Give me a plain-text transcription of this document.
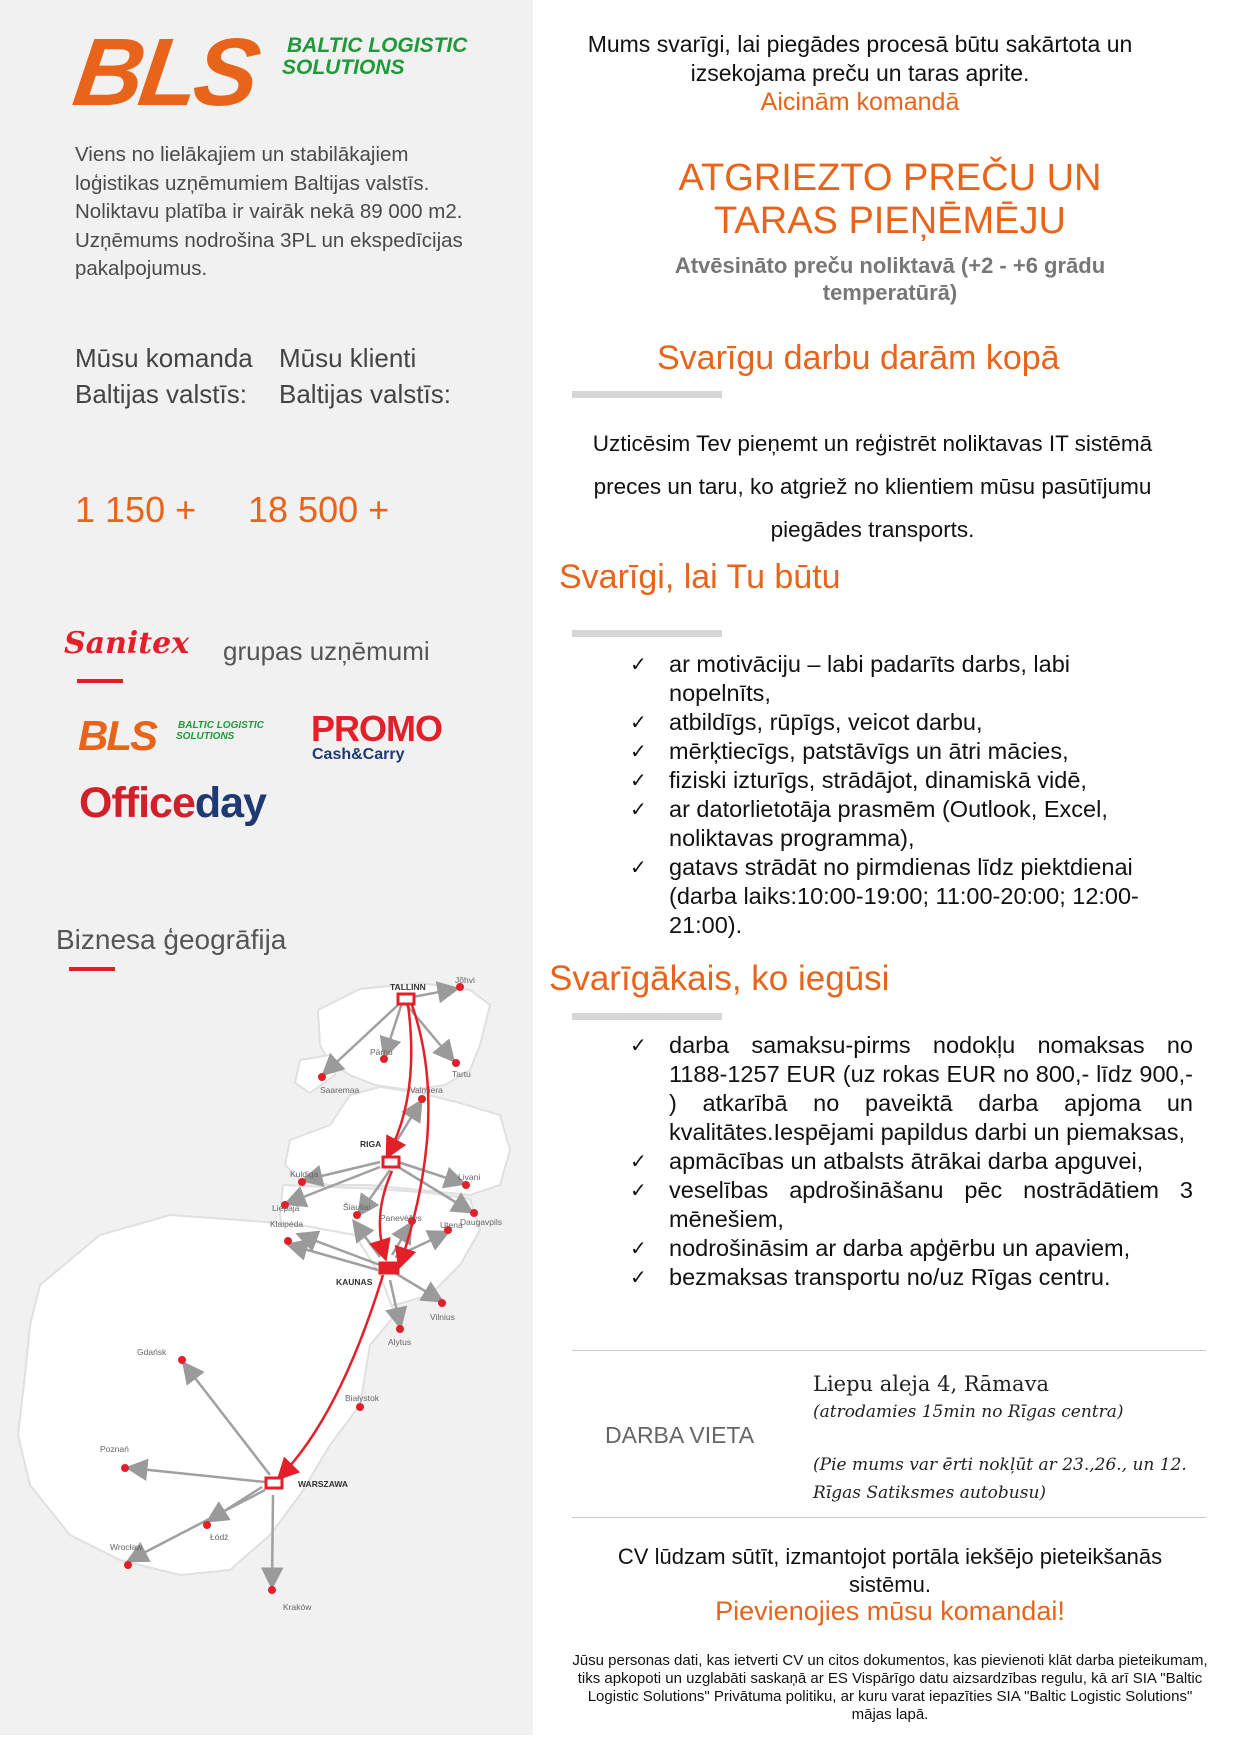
BLS BALTIC LOGISTIC
SOLUTIONS
Viens no lielākajiem un stabilākajiem loģistikas uzņēmumiem Baltijas valstīs. Noliktavu platība ir vairāk nekā 89 000 m2. Uzņēmums nodrošina 3PL un ekspedīcijas pakalpojumus.
Mūsu komanda
Baltijas valstīs:
Mūsu klienti
Baltijas valstīs:
1 150 + 18 500 +
Sanitex grupas uzņēmumi
BLS BALTIC LOGISTIC
SOLUTIONS PROMO
Cash&Carry
Officeday
Biznesa ģeogrāfija
TALLINN
Jõhvi
Pärnu
Tartu
Saaremaa	Valmiera
RIGA
Kuldiga
Liepaja
Livani
Daugavpils
Šiauliai
Panevėžys
Utena
Klaipėda
KAUNAS
Vilnius
Alytus
Gdańsk
Białystok
Poznań
WARSZAWA
Wrocław
Łódź
Kraków
Mums svarīgi, lai piegādes procesā būtu sakārtota un
izsekojama preču un taras aprite.
Aicinām komandā
ATGRIEZTO PREČU UN
TARAS PIEŅĒMĒJU
Atvēsināto preču noliktavā (+2 - +6 grādu
temperatūrā)
Svarīgu darbu darām kopā
Uzticēsim Tev pieņemt un reģistrēt noliktavas IT sistēmā
preces un taru, ko atgriež no klientiem mūsu pasūtījumu
piegādes transports.
Svarīgi, lai Tu būtu
✓ ar motivāciju – labi padarīts darbs, labi nopelnīts,
✓ atbildīgs, rūpīgs, veicot darbu,
✓ mērķtiecīgs, patstāvīgs un ātri mācies,
✓ fiziski izturīgs, strādājot, dinamiskā vidē,
✓ ar datorlietotāja prasmēm (Outlook, Excel, noliktavas programma),
✓ gatavs strādāt no pirmdienas līdz piektdienai (darba laiks:10:00-19:00; 11:00-20:00; 12:00-21:00).
Svarīgākais, ko iegūsi
✓ darba samaksu-pirms nodokļu nomaksas no 1188-1257 EUR (uz rokas EUR no 800,- līdz 900,- ) atkarībā no paveiktā darba apjoma un kvalitātes.Iespējami papildus darbi un piemaksas,
✓ apmācības un atbalsts ātrākai darba apguvei,
✓ veselības apdrošināšanu pēc nostrādātiem 3 mēnešiem,
✓ nodrošināsim ar darba apģērbu un apaviem,
✓ bezmaksas transportu no/uz Rīgas centru.
DARBA VIETA
Liepu aleja 4, Rāmava
(atrodamies 15min no Rīgas centra)
(Pie mums var ērti nokļūt ar 23.,26., un 12. Rīgas Satiksmes autobusu)
CV lūdzam sūtīt, izmantojot portāla iekšējo pieteikšanās
sistēmu.
Pievienojies mūsu komandai!
Jūsu personas dati, kas ietverti CV un citos dokumentos, kas pievienoti klāt darba pieteikumam, tiks apkopoti un uzglabāti saskaņā ar ES Vispārīgo datu aizsardzības regulu, kā arī SIA "Baltic Logistic Solutions" Privātuma politiku, ar kuru varat iepazīties SIA "Baltic Logistic Solutions" mājas lapā.
